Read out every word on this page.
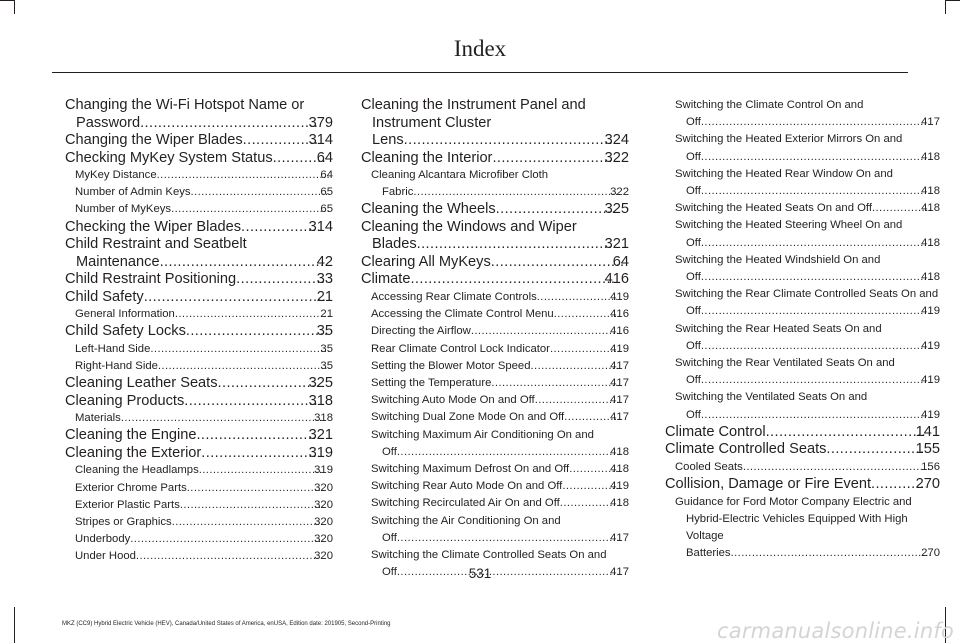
Index
Changing the Wi-Fi Hotspot Name or Password .....	379
Changing the Wiper Blades .....	314
Checking MyKey System Status .....	64
MyKey Distance .....	64
Number of Admin Keys .....	65
Number of MyKeys .....	65
Checking the Wiper Blades .....	314
Child Restraint and Seatbelt Maintenance .....	42
Child Restraint Positioning .....	33
Child Safety .....	21
General Information .....	21
Child Safety Locks .....	35
Left-Hand Side .....	35
Right-Hand Side .....	35
Cleaning Leather Seats .....	325
Cleaning Products .....	318
Materials .....	318
Cleaning the Engine .....	321
Cleaning the Exterior .....	319
Cleaning the Headlamps .....	319
Exterior Chrome Parts .....	320
Exterior Plastic Parts .....	320
Stripes or Graphics .....	320
Underbody .....	320
Under Hood .....	320
Cleaning the Instrument Panel and Instrument Cluster Lens .....	324
Cleaning the Interior .....	322
Cleaning Alcantara Microfiber Cloth Fabric .....	322
Cleaning the Wheels .....	325
Cleaning the Windows and Wiper Blades .....	321
Clearing All MyKeys .....	64
Climate .....	416
Accessing Rear Climate Controls .....	419
Accessing the Climate Control Menu .....	416
Directing the Airflow .....	416
Rear Climate Control Lock Indicator .....	419
Setting the Blower Motor Speed .....	417
Setting the Temperature .....	417
Switching Auto Mode On and Off .....	417
Switching Dual Zone Mode On and Off .....	417
Switching Maximum Air Conditioning On and Off .....	418
Switching Maximum Defrost On and Off .....	418
Switching Rear Auto Mode On and Off .....	419
Switching Recirculated Air On and Off .....	418
Switching the Air Conditioning On and Off .....	417
Switching the Climate Controlled Seats On and Off .....	417
Switching the Climate Control On and Off .....	417
Switching the Heated Exterior Mirrors On and Off .....	418
Switching the Heated Rear Window On and Off .....	418
Switching the Heated Seats On and Off .....	418
Switching the Heated Steering Wheel On and Off .....	418
Switching the Heated Windshield On and Off .....	418
Switching the Rear Climate Controlled Seats On and Off .....	419
Switching the Rear Heated Seats On and Off .....	419
Switching the Rear Ventilated Seats On and Off .....	419
Switching the Ventilated Seats On and Off .....	419
Climate Control .....	141
Climate Controlled Seats .....	155
Cooled Seats .....	156
Collision, Damage or Fire Event .....	270
Guidance for Ford Motor Company Electric and Hybrid-Electric Vehicles Equipped With High Voltage Batteries .....	270
531
MKZ (CC9) Hybrid Electric Vehicle (HEV), Canada/United States of America, enUSA, Edition date: 201905, Second-Printing	carmanualsonline.info
